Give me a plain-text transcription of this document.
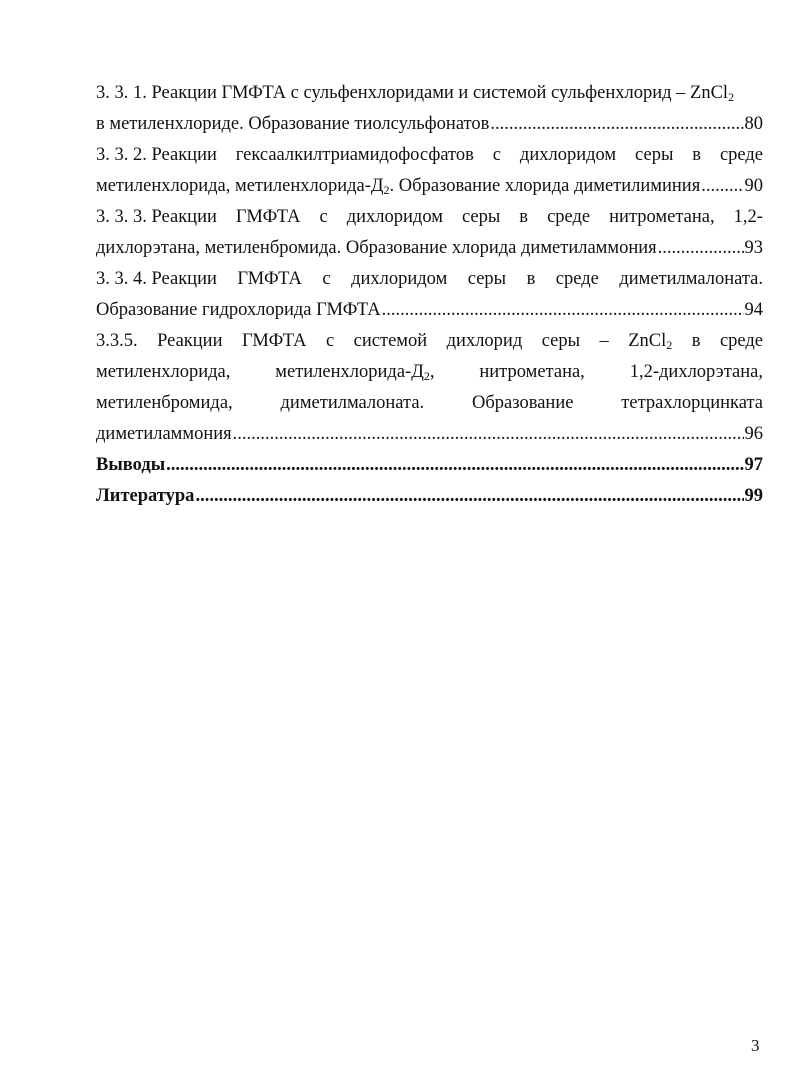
3. 3. 1. Реакции ГМФТА с сульфенхлоридами и системой сульфенхлорид – ZnCl$_2$
в метиленхлориде. Образование тиолсульфонатов .....	80
3. 3. 2. Реакции гексаалкилтриамидофосфатов с дихлоридом серы в среде
метиленхлорида, метиленхлорида-$Д_2$. Образование хлорида диметилиминия ..... 90
3. 3. 3. Реакции ГМФТА с дихлоридом серы в среде нитрометана, 1,2-
дихлорэтана, метиленбромида. Образование хлорида диметиламмония .....	93
3. 3. 4. Реакции ГМФТА с дихлоридом серы в среде диметилмалоната.
Образование гидрохлорида ГМФТА .....	94
3.3.5. Реакции ГМФТА с системой дихлорид серы – ZnCl$_2$ в среде
метиленхлорида, метиленхлорида-$Д_2$, нитрометана, 1,2-дихлорэтана,
метиленбромида,	диметилмалоната.	Образование	тетрахлорцинката
диметиламмония .....	96
Выводы .....	97
Литература .....	99
3
